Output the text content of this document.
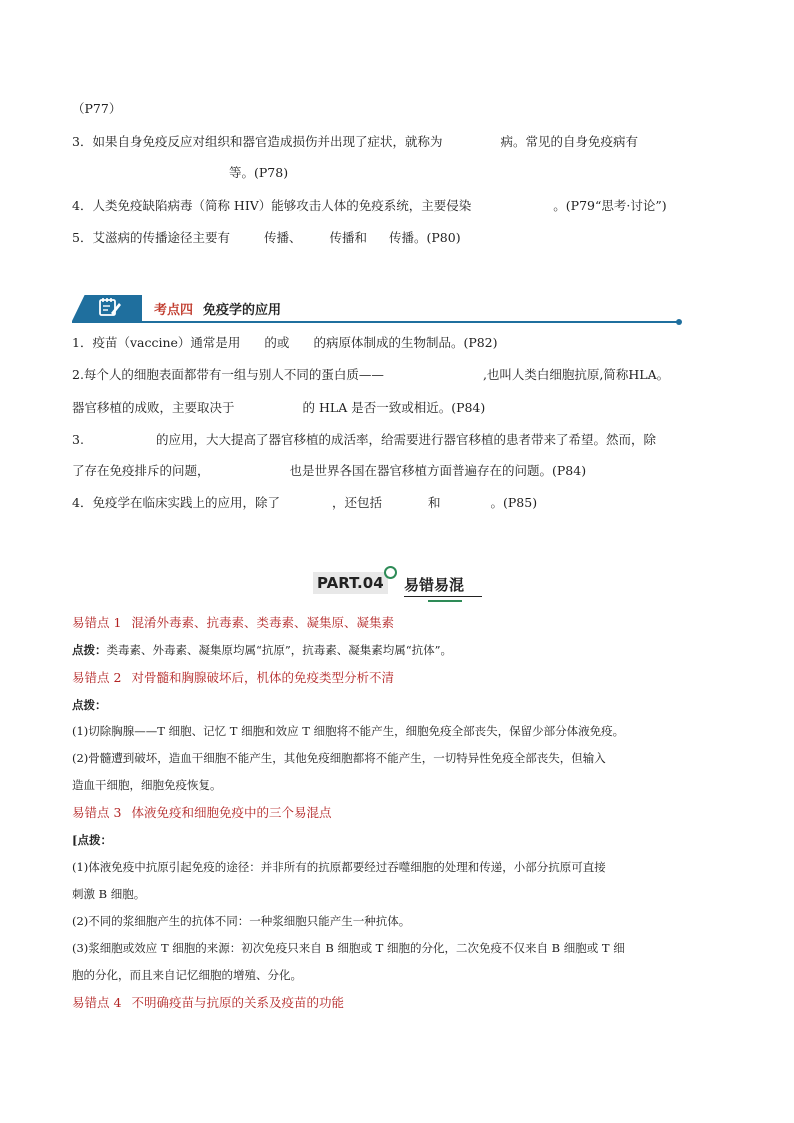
（P77）
3．如果自身免疫反应对组织和器官造成损伤并出现了症状，就称为	病。常见的自身免疫病有
等。(P78)
4．人类免疫缺陷病毒（简称 HIV）能够攻击人体的免疫系统，主要侵染	。(P79“思考·讨论”)
5．艾滋病的传播途径主要有	传播、 传播和 传播。(P80)
考点四 免疫学的应用
1．疫苗（vaccine）通常是用 的或 的病原体制成的生物制品。(P82)
2.每个人的细胞表面都带有一组与别人不同的蛋白质——	,也叫人类白细胞抗原,简称HLA。
器官移植的成败，主要取决于	的 HLA 是否一致或相近。(P84)
3.	的应用，大大提高了器官移植的成活率，给需要进行器官移植的患者带来了希望。然而，除
了存在免疫排斥的问题，	也是世界各国在器官移植方面普遍存在的问题。(P84)
4．免疫学在临床实践上的应用，除了	，还包括	和	。(P85)
PART.04 易错易混
易错点 1 混淆外毒素、抗毒素、类毒素、凝集原、凝集素
点拨：类毒素、外毒素、凝集原均属“抗原”，抗毒素、凝集素均属“抗体”。
易错点 2 对骨髓和胸腺破坏后，机体的免疫类型分析不清
点拨：
(1)切除胸腺——T 细胞、记忆 T 细胞和效应 T 细胞将不能产生，细胞免疫全部丧失，保留少部分体液免疫。
(2)骨髓遭到破坏，造血干细胞不能产生，其他免疫细胞都将不能产生，一切特异性免疫全部丧失，但输入
造血干细胞，细胞免疫恢复。
易错点 3 体液免疫和细胞免疫中的三个易混点
[点拨：
(1)体液免疫中抗原引起免疫的途径：并非所有的抗原都要经过吞噬细胞的处理和传递，小部分抗原可直接
刺激 B 细胞。
(2)不同的浆细胞产生的抗体不同：一种浆细胞只能产生一种抗体。
(3)浆细胞或效应 T 细胞的来源：初次免疫只来自 B 细胞或 T 细胞的分化，二次免疫不仅来自 B 细胞或 T 细
胞的分化，而且来自记忆细胞的增殖、分化。
易错点 4 不明确疫苗与抗原的关系及疫苗的功能
